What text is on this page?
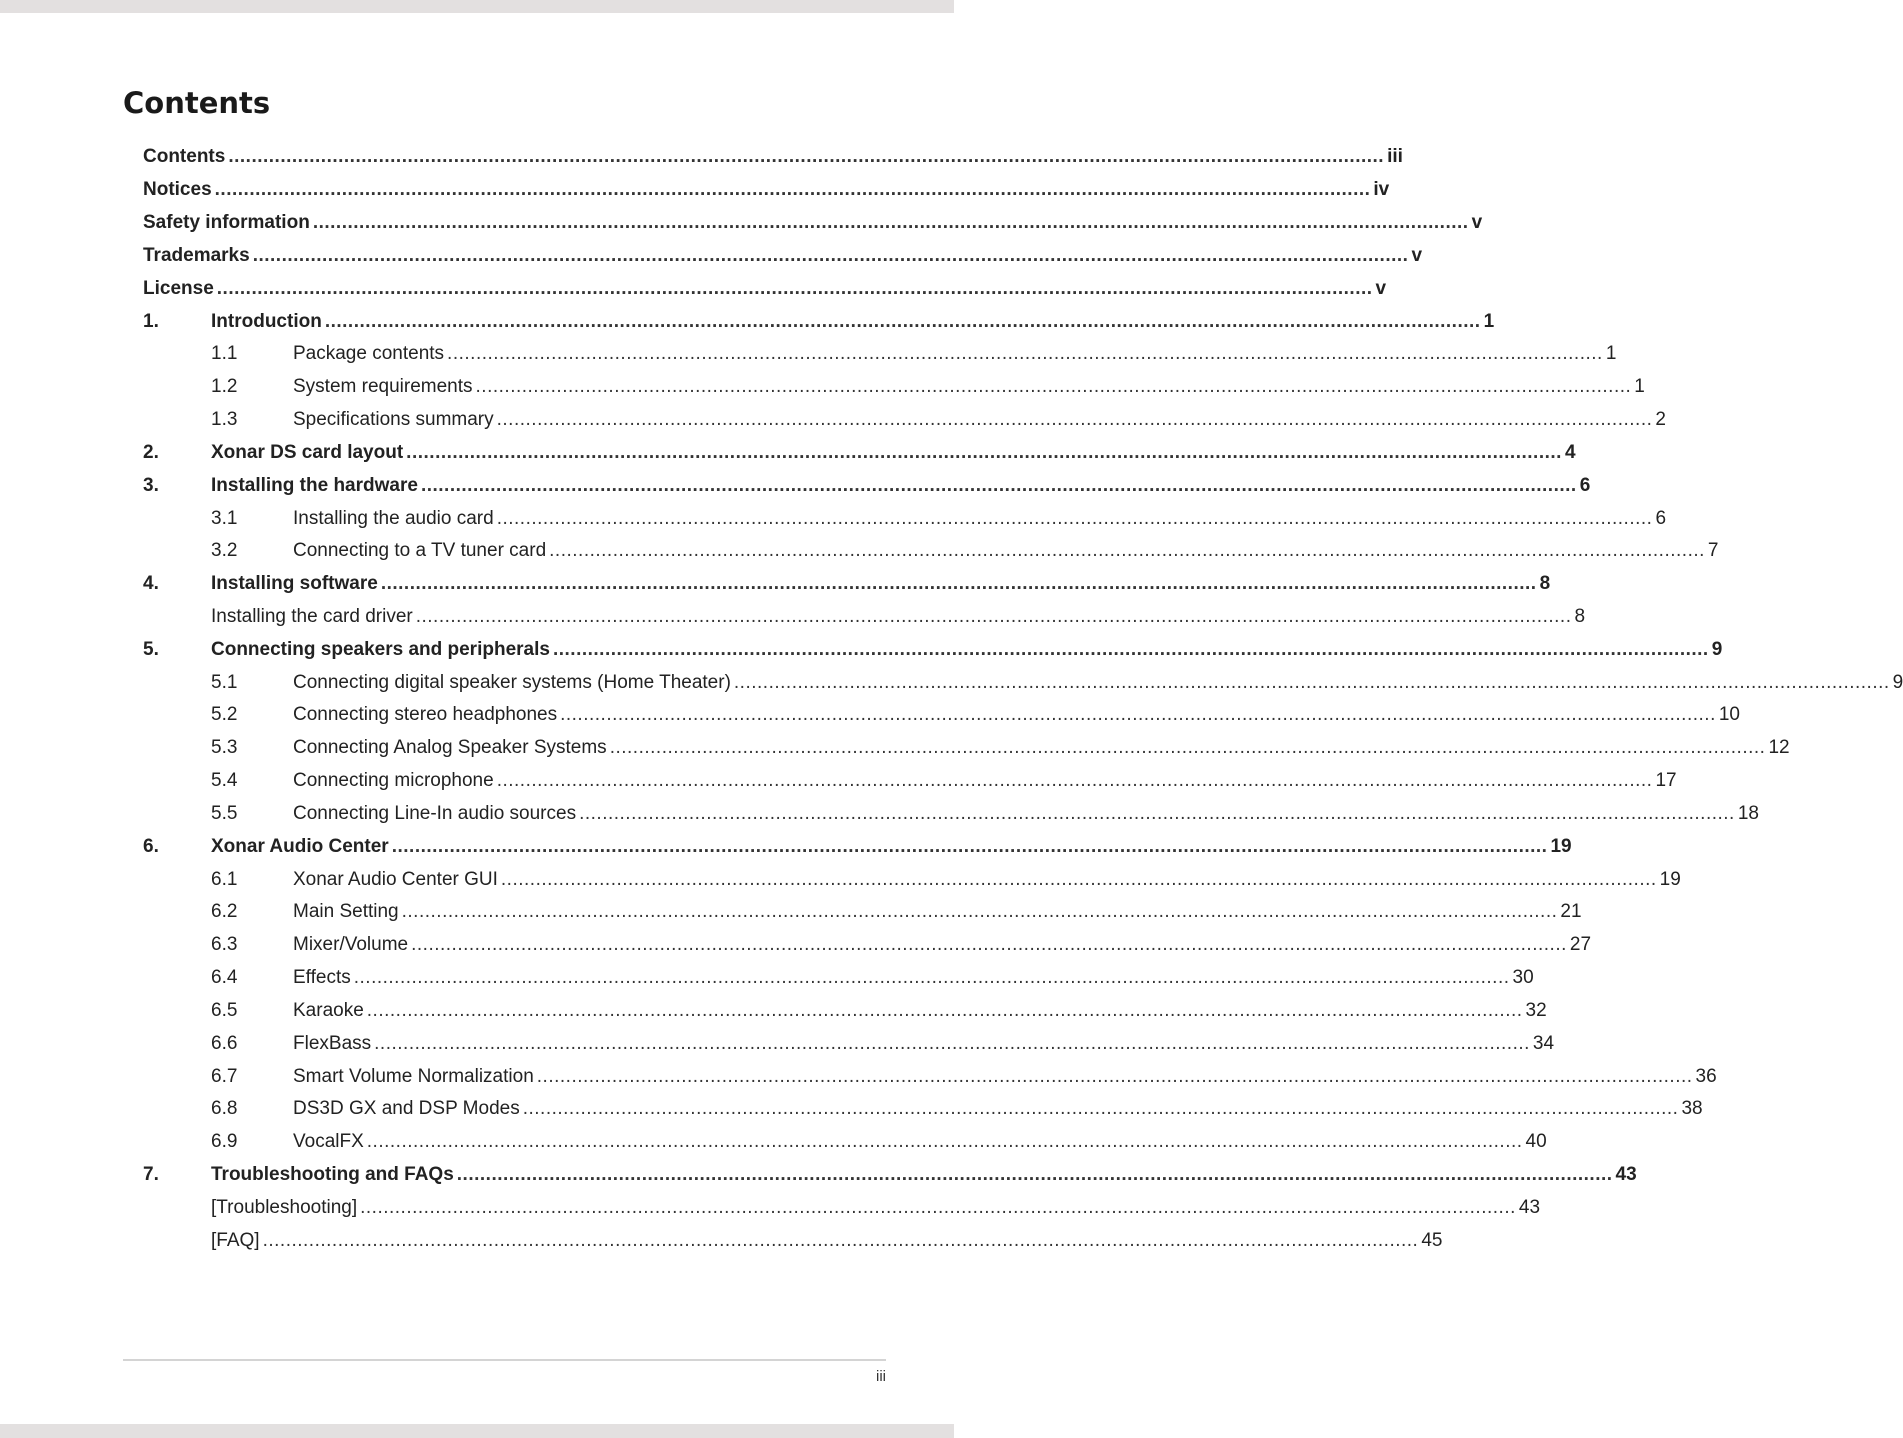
Contents
Contents ........................................................................................................................................................................................................ iii
Notices ........................................................................................................................................................................................................ iv
Safety information ........................................................................................................................................................................................................ v
Trademarks ........................................................................................................................................................................................................ v
License ........................................................................................................................................................................................................ v
1.	Introduction ........................................................................................................................................................................................................ 1
1.1	Package contents ........................................................................................................................................................................................................ 1
1.2	System requirements ........................................................................................................................................................................................................ 1
1.3	Specifications summary ........................................................................................................................................................................................................ 2
2.	Xonar DS card layout ........................................................................................................................................................................................................ 4
3.	Installing the hardware ........................................................................................................................................................................................................ 6
3.1	Installing the audio card ........................................................................................................................................................................................................ 6
3.2	Connecting to a TV tuner card ........................................................................................................................................................................................................ 7
4.	Installing software ........................................................................................................................................................................................................ 8
Installing the card driver ........................................................................................................................................................................................................ 8
5.	Connecting speakers and peripherals ........................................................................................................................................................................................................ 9
5.1	Connecting digital speaker systems (Home Theater) ........................................................................................................................................................................................................ 9
5.2	Connecting stereo headphones ........................................................................................................................................................................................................ 10
5.3	Connecting Analog Speaker Systems ........................................................................................................................................................................................................ 12
5.4	Connecting microphone ........................................................................................................................................................................................................ 17
5.5	Connecting Line-In audio sources ........................................................................................................................................................................................................ 18
6.	Xonar Audio Center ........................................................................................................................................................................................................ 19
6.1	Xonar Audio Center GUI ........................................................................................................................................................................................................ 19
6.2	Main Setting ........................................................................................................................................................................................................ 21
6.3	Mixer/Volume ........................................................................................................................................................................................................ 27
6.4	Effects ........................................................................................................................................................................................................ 30
6.5	Karaoke ........................................................................................................................................................................................................ 32
6.6	FlexBass ........................................................................................................................................................................................................ 34
6.7	Smart Volume Normalization ........................................................................................................................................................................................................ 36
6.8	DS3D GX and DSP Modes ........................................................................................................................................................................................................ 38
6.9	VocalFX ........................................................................................................................................................................................................ 40
7.	Troubleshooting and FAQs ........................................................................................................................................................................................................ 43
[Troubleshooting] ........................................................................................................................................................................................................ 43
[FAQ] ........................................................................................................................................................................................................ 45
iii
